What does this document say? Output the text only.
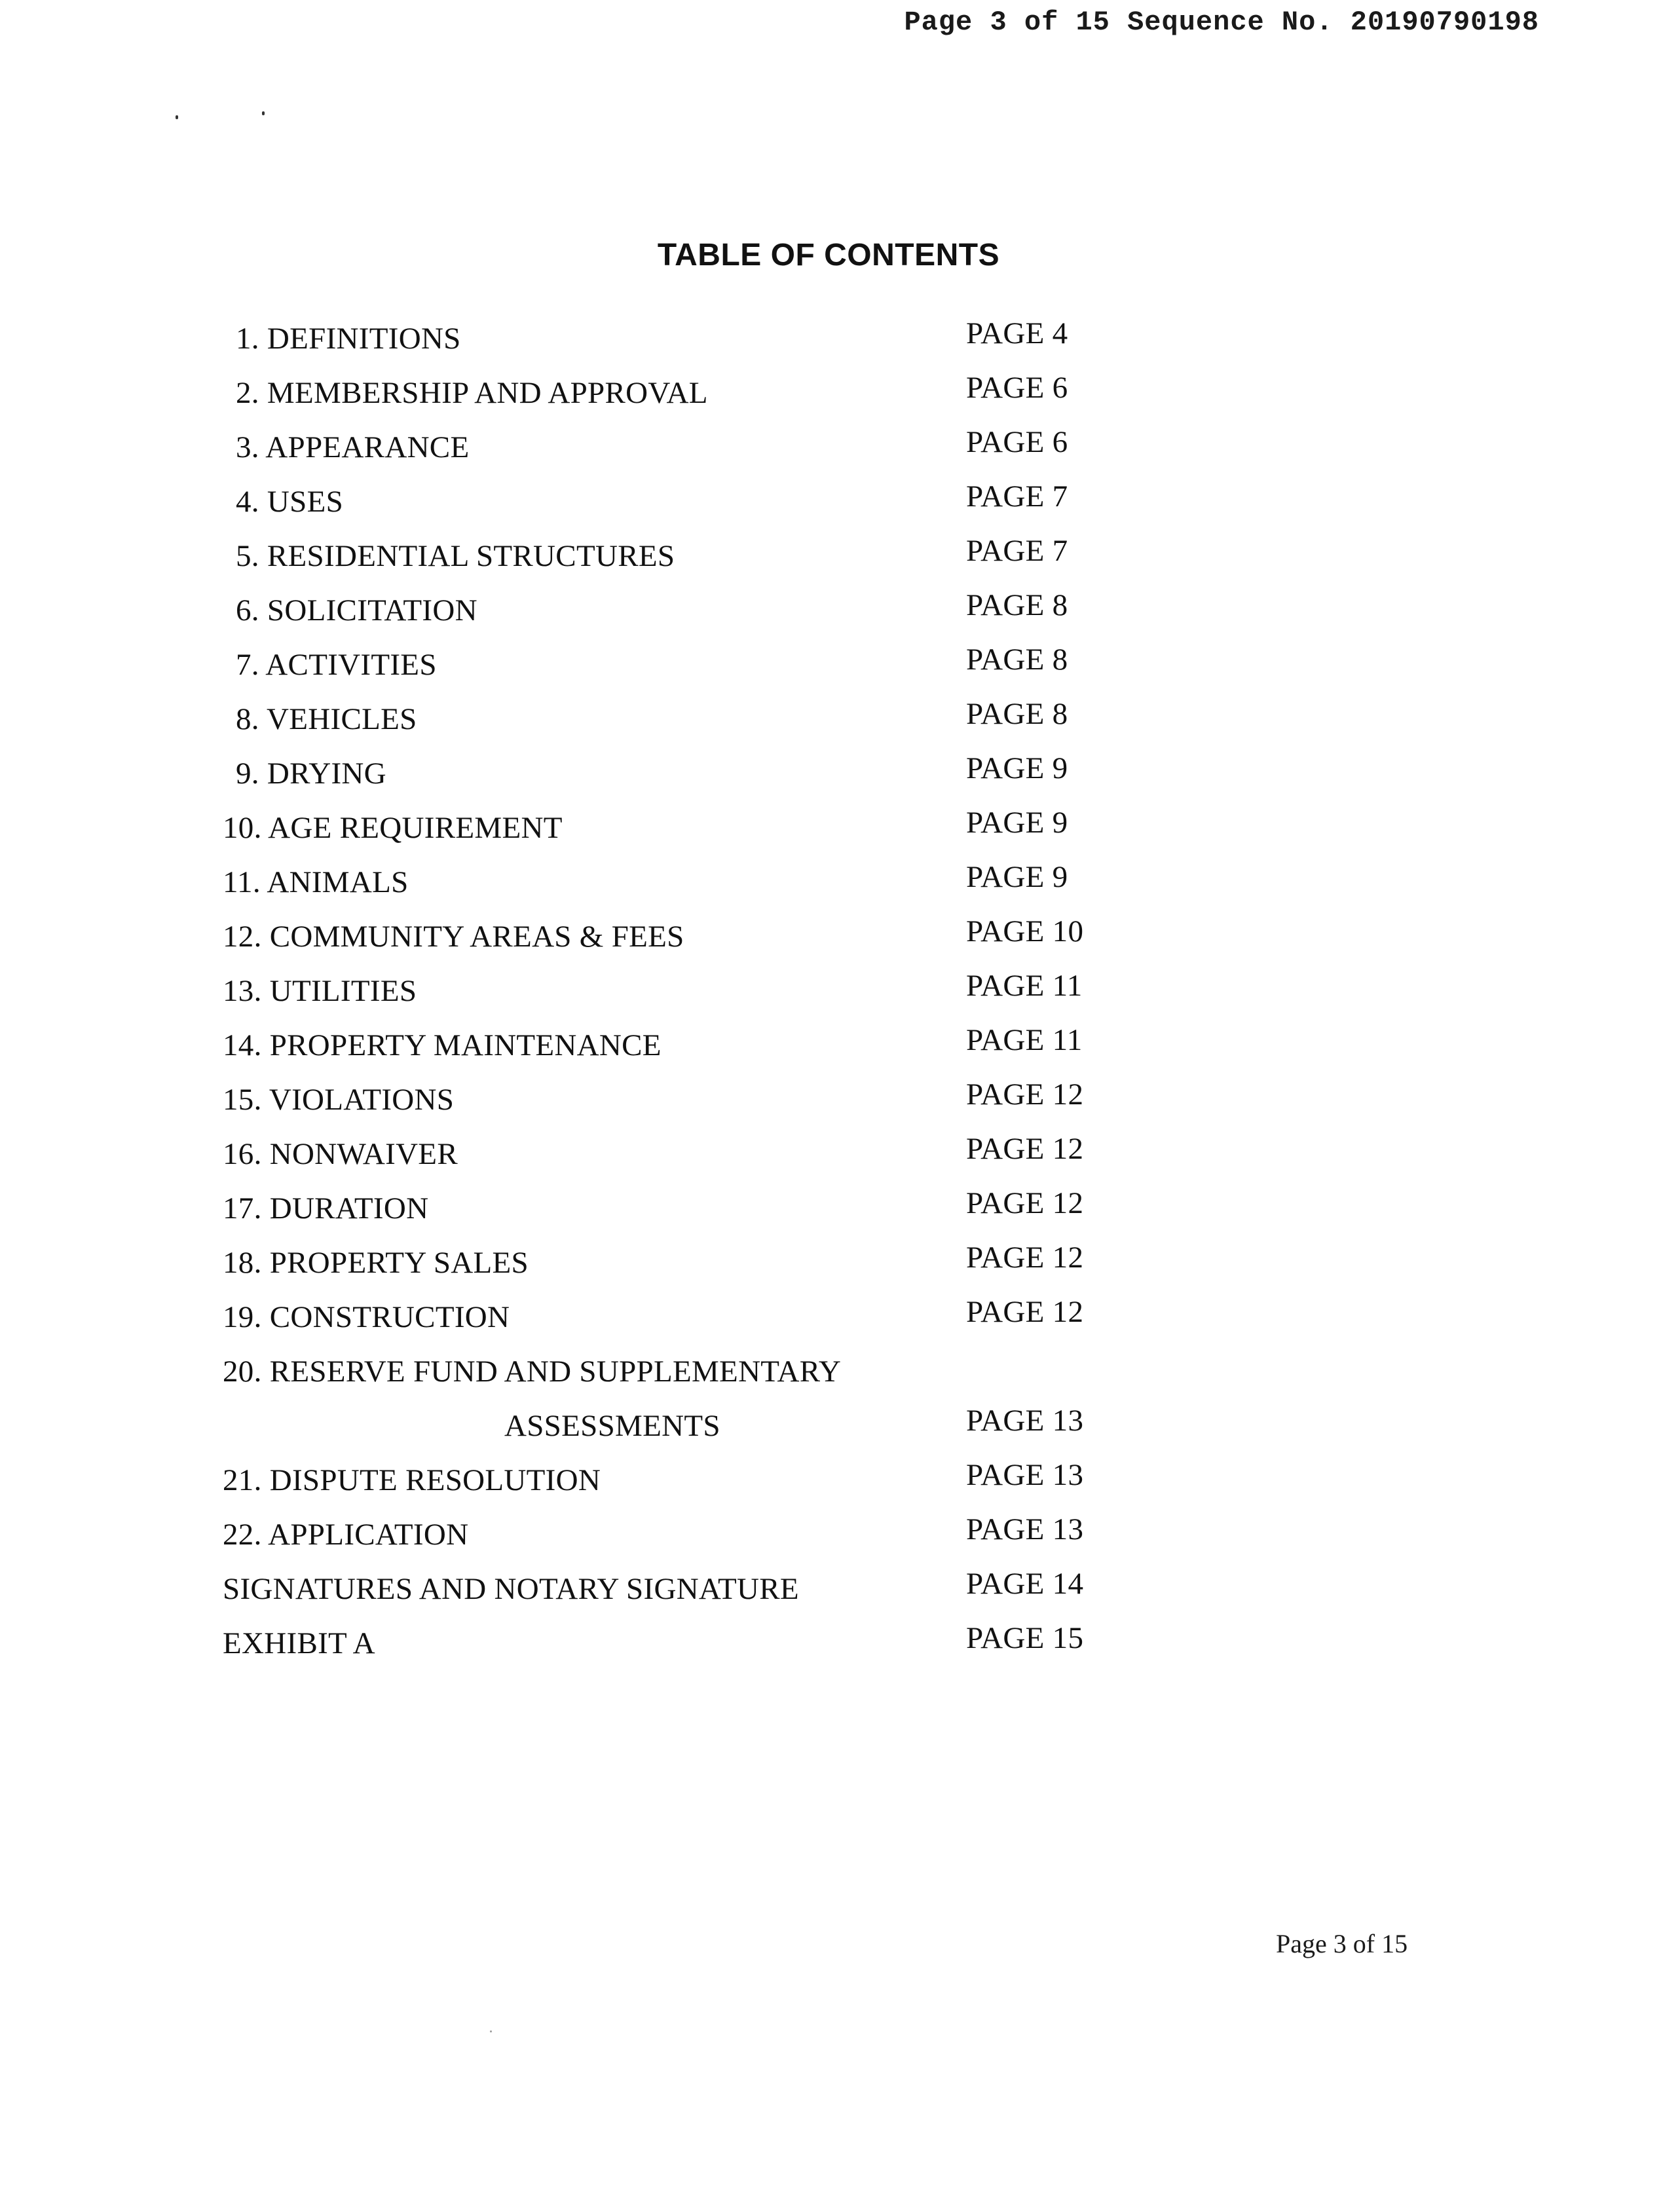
Page 3 of 15 Sequence No. 20190790198
TABLE OF CONTENTS
1. DEFINITIONS	PAGE 4
2. MEMBERSHIP AND APPROVAL	PAGE 6
3. APPEARANCE	PAGE 6
4. USES	PAGE 7
5. RESIDENTIAL STRUCTURES	PAGE 7
6. SOLICITATION	PAGE 8
7. ACTIVITIES	PAGE 8
8. VEHICLES	PAGE 8
9. DRYING	PAGE 9
10. AGE REQUIREMENT	PAGE 9
11. ANIMALS	PAGE 9
12. COMMUNITY AREAS & FEES	PAGE 10
13. UTILITIES	PAGE 11
14. PROPERTY MAINTENANCE	PAGE 11
15. VIOLATIONS	PAGE 12
16. NONWAIVER	PAGE 12
17. DURATION	PAGE 12
18. PROPERTY SALES	PAGE 12
19. CONSTRUCTION	PAGE 12
20. RESERVE FUND AND SUPPLEMENTARY
ASSESSMENTS	PAGE 13
21. DISPUTE RESOLUTION	PAGE 13
22. APPLICATION	PAGE 13
SIGNATURES AND NOTARY SIGNATURE	PAGE 14
EXHIBIT A	PAGE 15
Page 3 of 15
